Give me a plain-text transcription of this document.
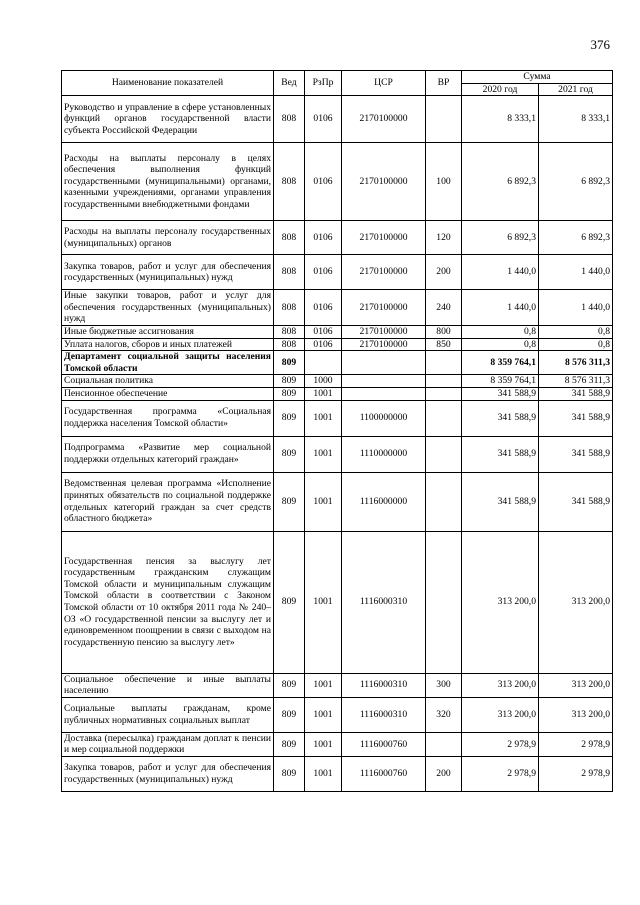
376
Наименование показателей	Вед	РзПр	ЦСР	ВР	Сумма	
					2020 год	2021 год
Руководство и управление в сфере установленных функций органов государственной власти субъекта Российской Федерации	808	0106	2170100000		8 333,1	8 333,1
Расходы на выплаты персоналу в целях обеспечения выполнения функций государственными (муниципальными) органами, казенными учреждениями, органами управления государственными внебюджетными фондами	808	0106	2170100000	100	6 892,3	6 892,3
Расходы на выплаты персоналу государственных (муниципальных) органов	808	0106	2170100000	120	6 892,3	6 892,3
Закупка товаров, работ и услуг для обеспечения государственных (муниципальных) нужд	808	0106	2170100000	200	1 440,0	1 440,0
Иные закупки товаров, работ и услуг для обеспечения государственных (муниципальных) нужд	808	0106	2170100000	240	1 440,0	1 440,0
Иные бюджетные ассигнования	808	0106	2170100000	800	0,8	0,8
Уплата налогов, сборов и иных платежей	808	0106	2170100000	850	0,8	0,8
Департамент социальной защиты населения Томской области	809				8 359 764,1	8 576 311,3
Социальная политика	809	1000			8 359 764,1	8 576 311,3
Пенсионное обеспечение	809	1001			341 588,9	341 588,9
Государственная программа «Социальная поддержка населения Томской области»	809	1001	1100000000		341 588,9	341 588,9
Подпрограмма «Развитие мер социальной поддержки отдельных категорий граждан»	809	1001	1110000000		341 588,9	341 588,9
Ведомственная целевая программа «Исполнение принятых обязательств по социальной поддержке отдельных категорий граждан за счет средств областного бюджета»	809	1001	1116000000		341 588,9	341 588,9
Государственная пенсия за выслугу лет государственным гражданским служащим Томской области и муниципальным служащим Томской области в соответствии с Законом Томской области от 10 октября 2011 года № 240–ОЗ «О государственной пенсии за выслугу лет и единовременном поощрении в связи с выходом на государственную пенсию за выслугу лет»	809	1001	1116000310		313 200,0	313 200,0
Социальное обеспечение и иные выплаты населению	809	1001	1116000310	300	313 200,0	313 200,0
Социальные выплаты гражданам, кроме публичных нормативных социальных выплат	809	1001	1116000310	320	313 200,0	313 200,0
Доставка (пересылка) гражданам доплат к пенсии и мер социальной поддержки	809	1001	1116000760		2 978,9	2 978,9
Закупка товаров, работ и услуг для обеспечения государственных (муниципальных) нужд	809	1001	1116000760	200	2 978,9	2 978,9
